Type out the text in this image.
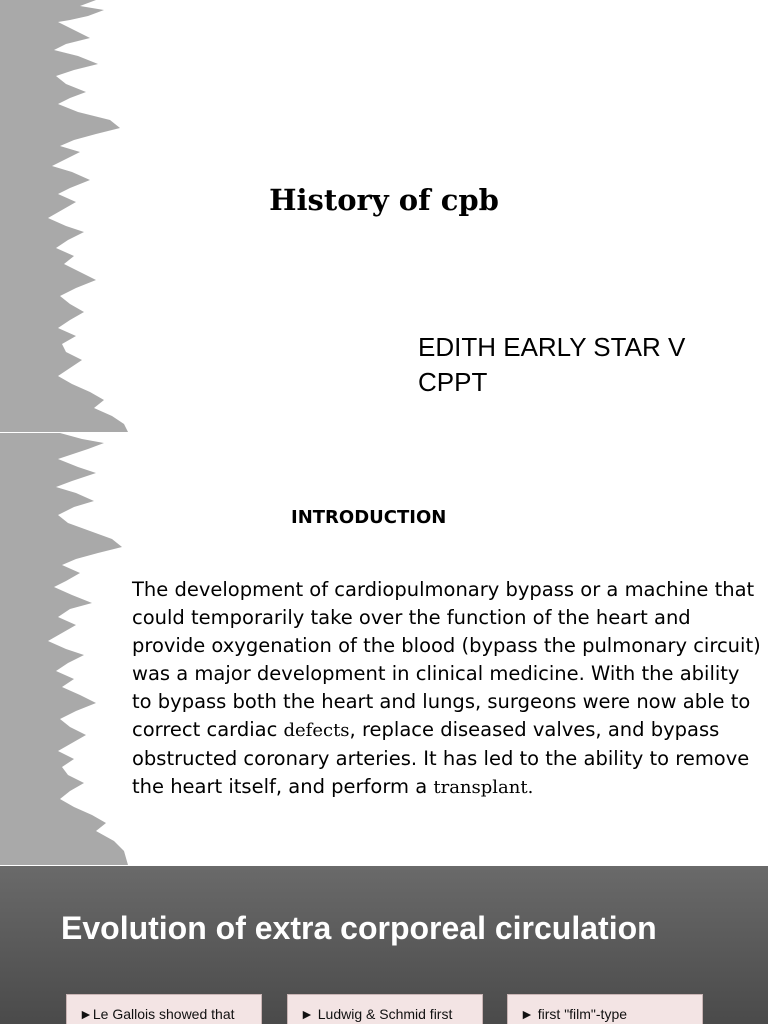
History of cpb
EDITH EARLY STAR V
CPPT
INTRODUCTION

The development of cardiopulmonary bypass or a machine that could temporarily take over the function of the heart and provide oxygenation of the blood (bypass the pulmonary circuit) was a major development in clinical medicine. With the ability to bypass both the heart and lungs, surgeons were now able to correct cardiac defects, replace diseased valves, and bypass obstructed coronary arteries. It has led to the ability to remove the heart itself, and perform a transplant.

Evolution of extra corporeal circulation
►Le Gallois showed that	► Ludwig & Schmid first	► first "film"-type
